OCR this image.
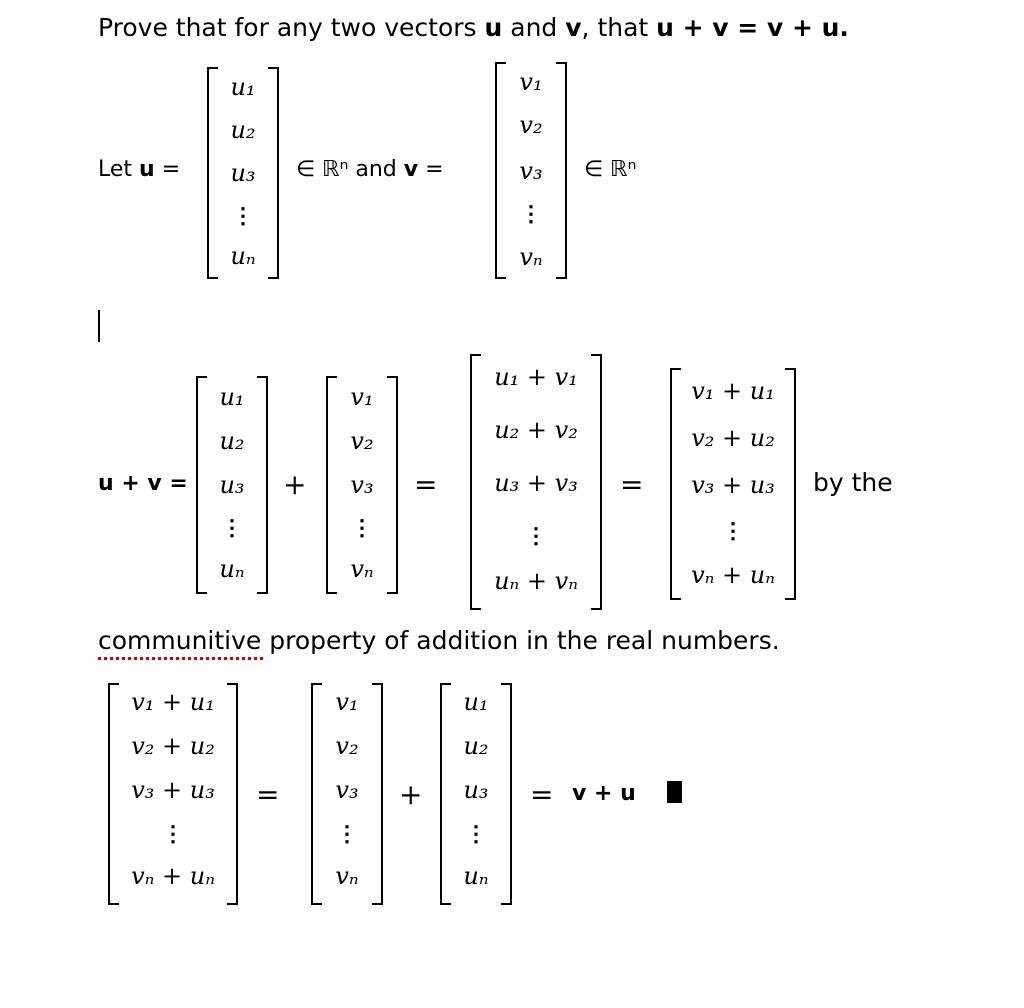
Prove that for any two vectors u and v, that u + v = v + u.
Let u =
u₁
u₂
u₃
⋮
uₙ
∈ ℝⁿ and v =
v₁
v₂
v₃
⋮
vₙ
∈ ℝⁿ
u + v =
u₁
u₂
u₃
⋮
uₙ
+
v₁
v₂
v₃
⋮
vₙ
=
u₁ + v₁
u₂ + v₂
u₃ + v₃
⋮
uₙ + vₙ
=
v₁ + u₁
v₂ + u₂
v₃ + u₃
⋮
vₙ + uₙ
by the
communitive property of addition in the real numbers.
v₁ + u₁
v₂ + u₂
v₃ + u₃
⋮
vₙ + uₙ
=
v₁
v₂
v₃
⋮
vₙ
+
u₁
u₂
u₃
⋮
uₙ
= v + u
